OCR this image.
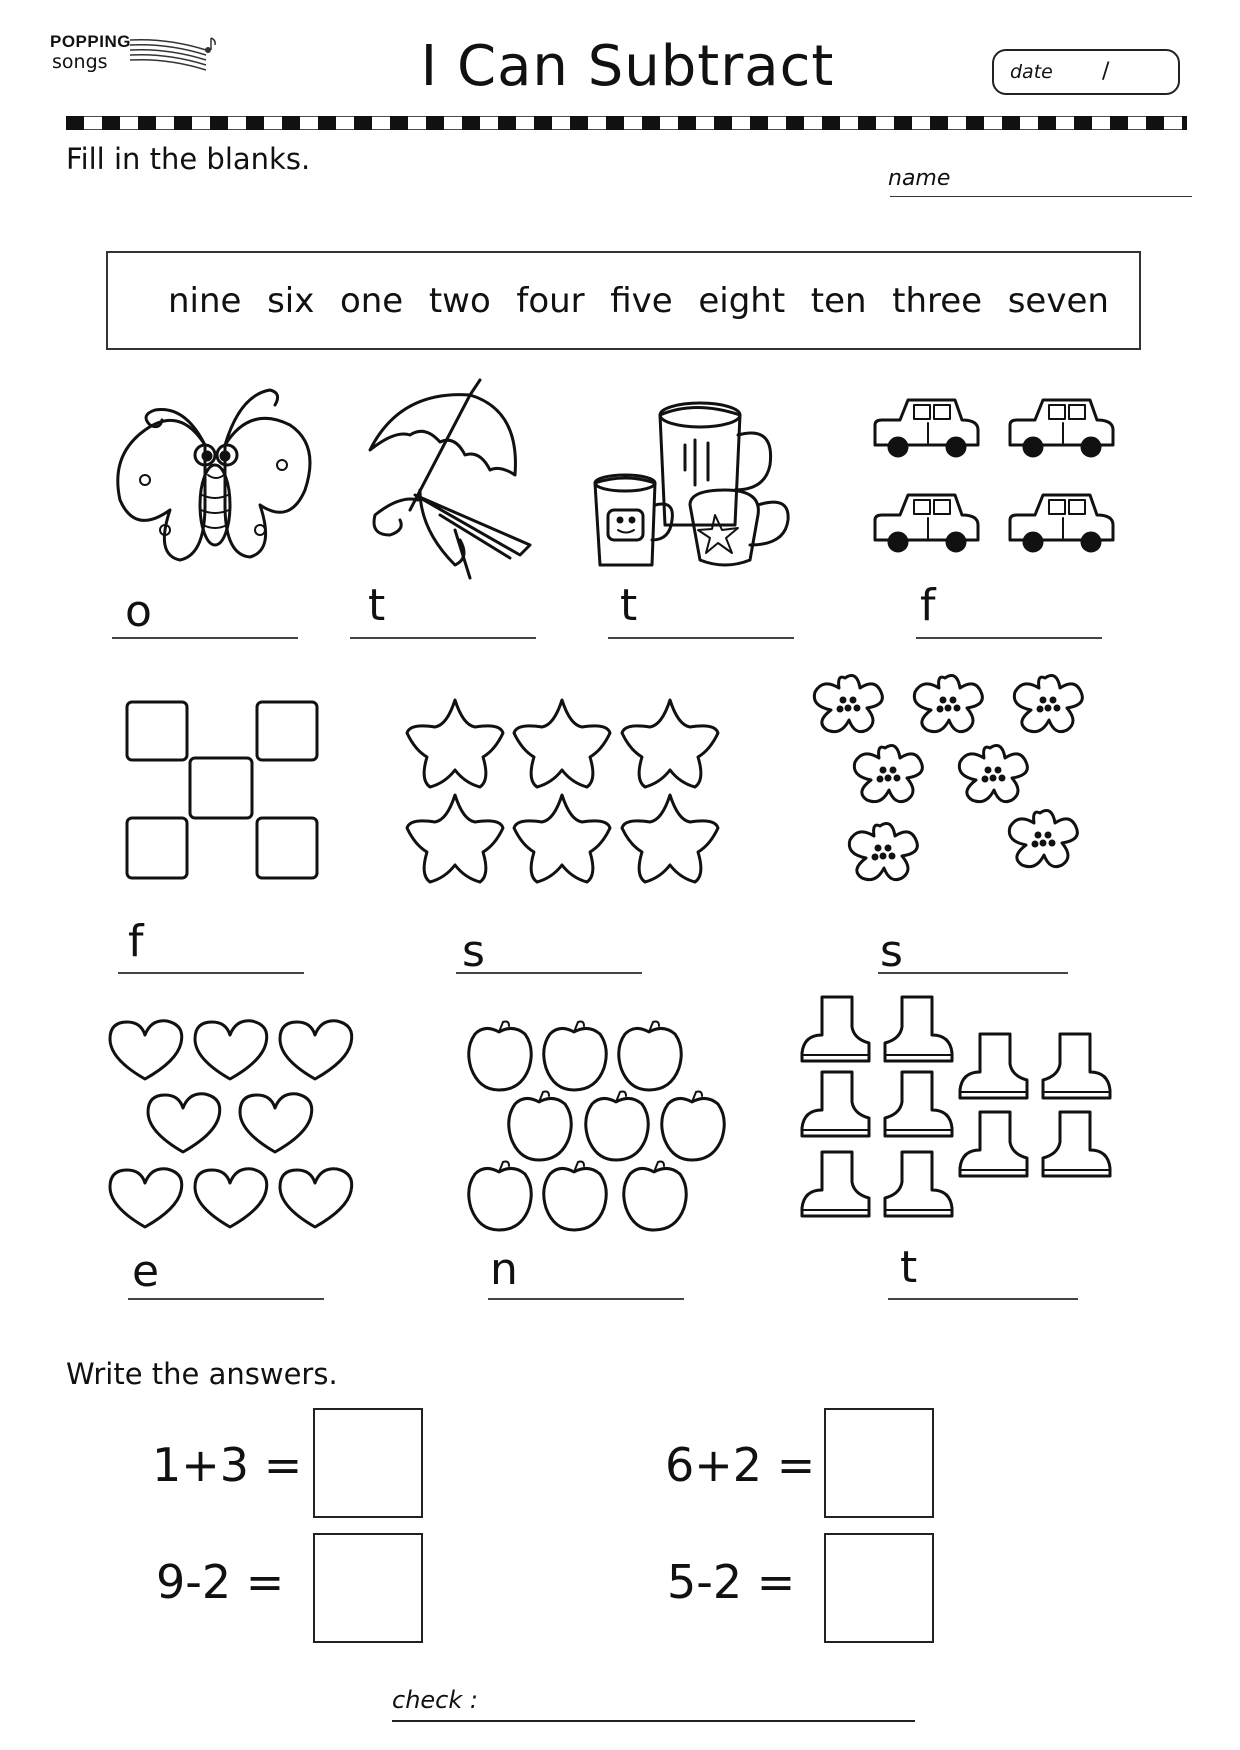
POPPING
songs	I Can Subtract	date /
Fill in the blanks.
name
nine six one two four five eight ten three seven
o	t	t	f
f	s	s
e	n	t
Write the answers.
1+3 =	6+2 =
9-2 =	5-2 =
check :
